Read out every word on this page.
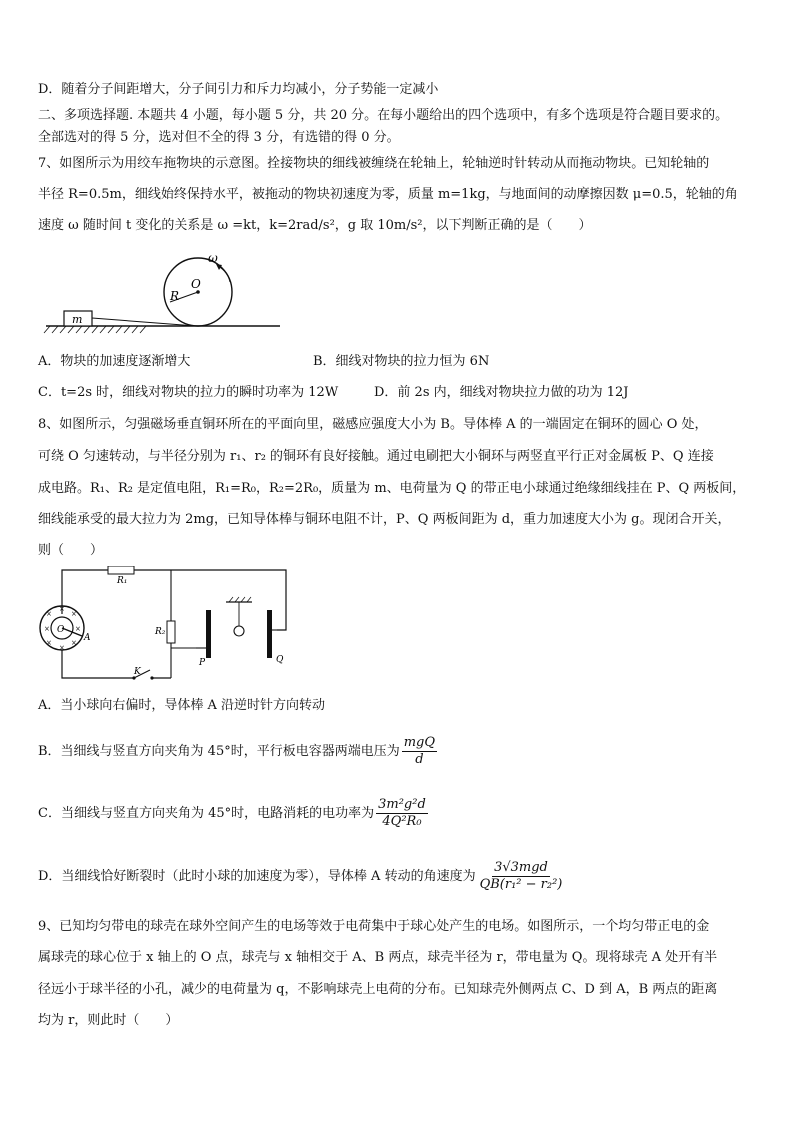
D．随着分子间距增大，分子间引力和斥力均减小，分子势能一定减小
二、多项选择题. 本题共 4 小题，每小题 5 分，共 20 分。在每小题给出的四个选项中，有多个选项是符合题目要求的。
全部选对的得 5 分，选对但不全的得 3 分，有选错的得 0 分。
7、如图所示为用绞车拖物块的示意图。拴接物块的细线被缠绕在轮轴上，轮轴逆时针转动从而拖动物块。已知轮轴的
半径 R=0.5m，细线始终保持水平，被拖动的物块初速度为零，质量 m=1kg，与地面间的动摩擦因数 μ=0.5，轮轴的角
速度 ω 随时间 t 变化的关系是 ω =kt，k=2rad/s²，g 取 10m/s²，以下判断正确的是（　　）
m
O
R
ω
A．物块的加速度逐渐增大	B．细线对物块的拉力恒为 6N
C．t=2s 时，细线对物块的拉力的瞬时功率为 12W	D．前 2s 内，细线对物块拉力做的功为 12J
8、如图所示，匀强磁场垂直铜环所在的平面向里，磁感应强度大小为 B。导体棒 A 的一端固定在铜环的圆心 O 处，
可绕 O 匀速转动，与半径分别为 r₁、r₂ 的铜环有良好接触。通过电刷把大小铜环与两竖直平行正对金属板 P、Q 连接
成电路。R₁、R₂ 是定值电阻，R₁=R₀，R₂=2R₀，质量为 m、电荷量为 Q 的带正电小球通过绝缘细线挂在 P、Q 两板间，
细线能承受的最大拉力为 2mg，已知导体棒与铜环电阻不计，P、Q 两板间距为 d，重力加速度大小为 g。现闭合开关，
则（　　）
R₁
R₂
×
×
×
×	×
×
×
×
O
A
K
P	Q
A．当小球向右偏时，导体棒 A 沿逆时针方向转动
B．当细线与竖直方向夹角为 45°时，平行板电容器两端电压为 $\frac{\text{mgQ}}{d}$
C．当细线与竖直方向夹角为 45°时，电路消耗的电功率为 $\frac{\text{3m²g²d}}{\text{4Q²R₀}}$
D．当细线恰好断裂时（此时小球的加速度为零），导体棒 A 转动的角速度为 $\frac{\text{3√3mgd}}{\text{QB(r₁² − r₂²)}}$
9、已知均匀带电的球壳在球外空间产生的电场等效于电荷集中于球心处产生的电场。如图所示，一个均匀带正电的金
属球壳的球心位于 x 轴上的 O 点，球壳与 x 轴相交于 A、B 两点，球壳半径为 r，带电量为 Q。现将球壳 A 处开有半
径远小于球半径的小孔，减少的电荷量为 q，不影响球壳上电荷的分布。已知球壳外侧两点 C、D 到 A，B 两点的距离
均为 r，则此时（　　）
